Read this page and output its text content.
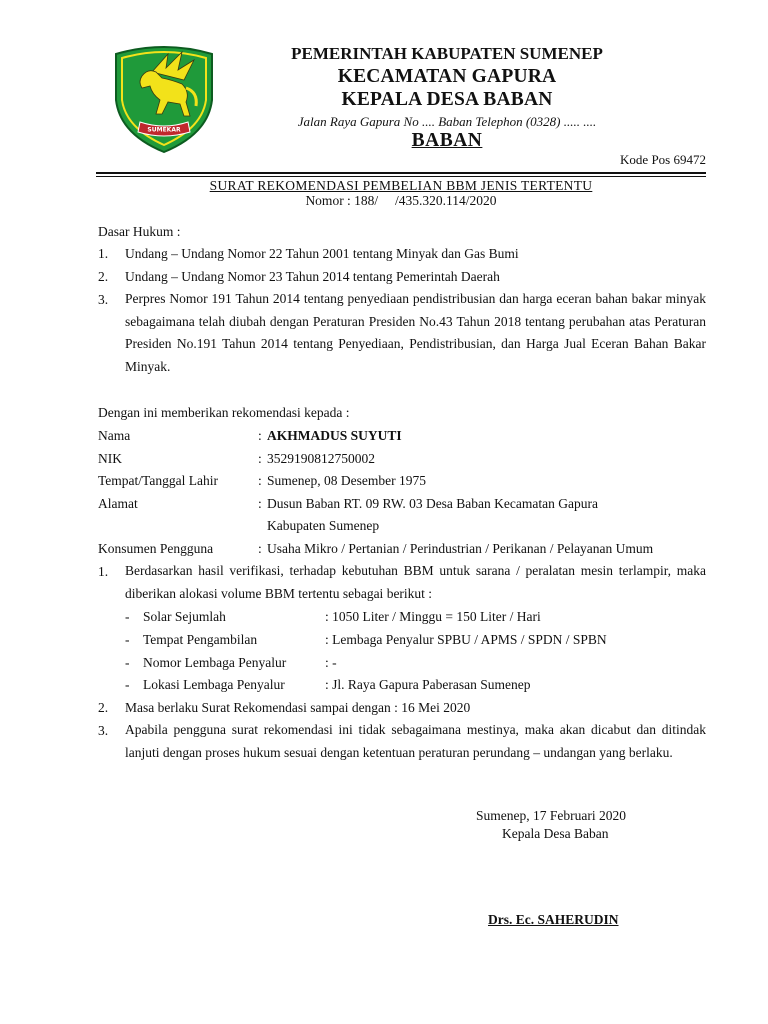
SUMEKAR
PEMERINTAH KABUPATEN SUMENEP
KECAMATAN GAPURA
KEPALA DESA BABAN
Jalan Raya Gapura No .... Baban Telephon (0328) ..... ....
BABAN
Kode Pos 69472
SURAT REKOMENDASI PEMBELIAN BBM JENIS TERTENTU
Nomor : 188/     /435.320.114/2020
Dasar Hukum :
1. Undang – Undang Nomor 22 Tahun 2001 tentang Minyak dan Gas Bumi
2. Undang – Undang Nomor 23 Tahun 2014 tentang Pemerintah Daerah
3. Perpres Nomor 191 Tahun 2014 tentang penyediaan pendistribusian dan harga eceran bahan bakar minyak sebagaimana telah diubah dengan Peraturan Presiden No.43 Tahun 2018 tentang perubahan atas Peraturan Presiden No.191 Tahun 2014 tentang Penyediaan, Pendistribusian, dan Harga Jual Eceran Bahan Bakar Minyak.
Dengan ini memberikan rekomendasi kepada :
Nama	: AKHMADUS SUYUTI
NIK	: 3529190812750002
Tempat/Tanggal Lahir	: Sumenep, 08 Desember 1975
Alamat	: Dusun Baban RT. 09 RW. 03 Desa Baban Kecamatan Gapura
Kabupaten Sumenep
Konsumen Pengguna	: Usaha Mikro / Pertanian / Perindustrian / Perikanan / Pelayanan Umum
1. Berdasarkan hasil verifikasi, terhadap kebutuhan BBM untuk sarana / peralatan mesin terlampir, maka diberikan alokasi volume BBM tertentu sebagai berikut :
- Solar Sejumlah	: 1050 Liter / Minggu = 150 Liter / Hari
- Tempat Pengambilan	: Lembaga Penyalur SPBU / APMS / SPDN / SPBN
- Nomor Lembaga Penyalur	: -
- Lokasi Lembaga Penyalur	: Jl. Raya Gapura Paberasan Sumenep
2. Masa berlaku Surat Rekomendasi sampai dengan : 16 Mei 2020
3. Apabila pengguna surat rekomendasi ini tidak sebagaimana mestinya, maka akan dicabut dan ditindak lanjuti dengan proses hukum sesuai dengan ketentuan peraturan perundang – undangan yang berlaku.
Sumenep, 17 Februari 2020
Kepala Desa Baban
Drs. Ec. SAHERUDIN
